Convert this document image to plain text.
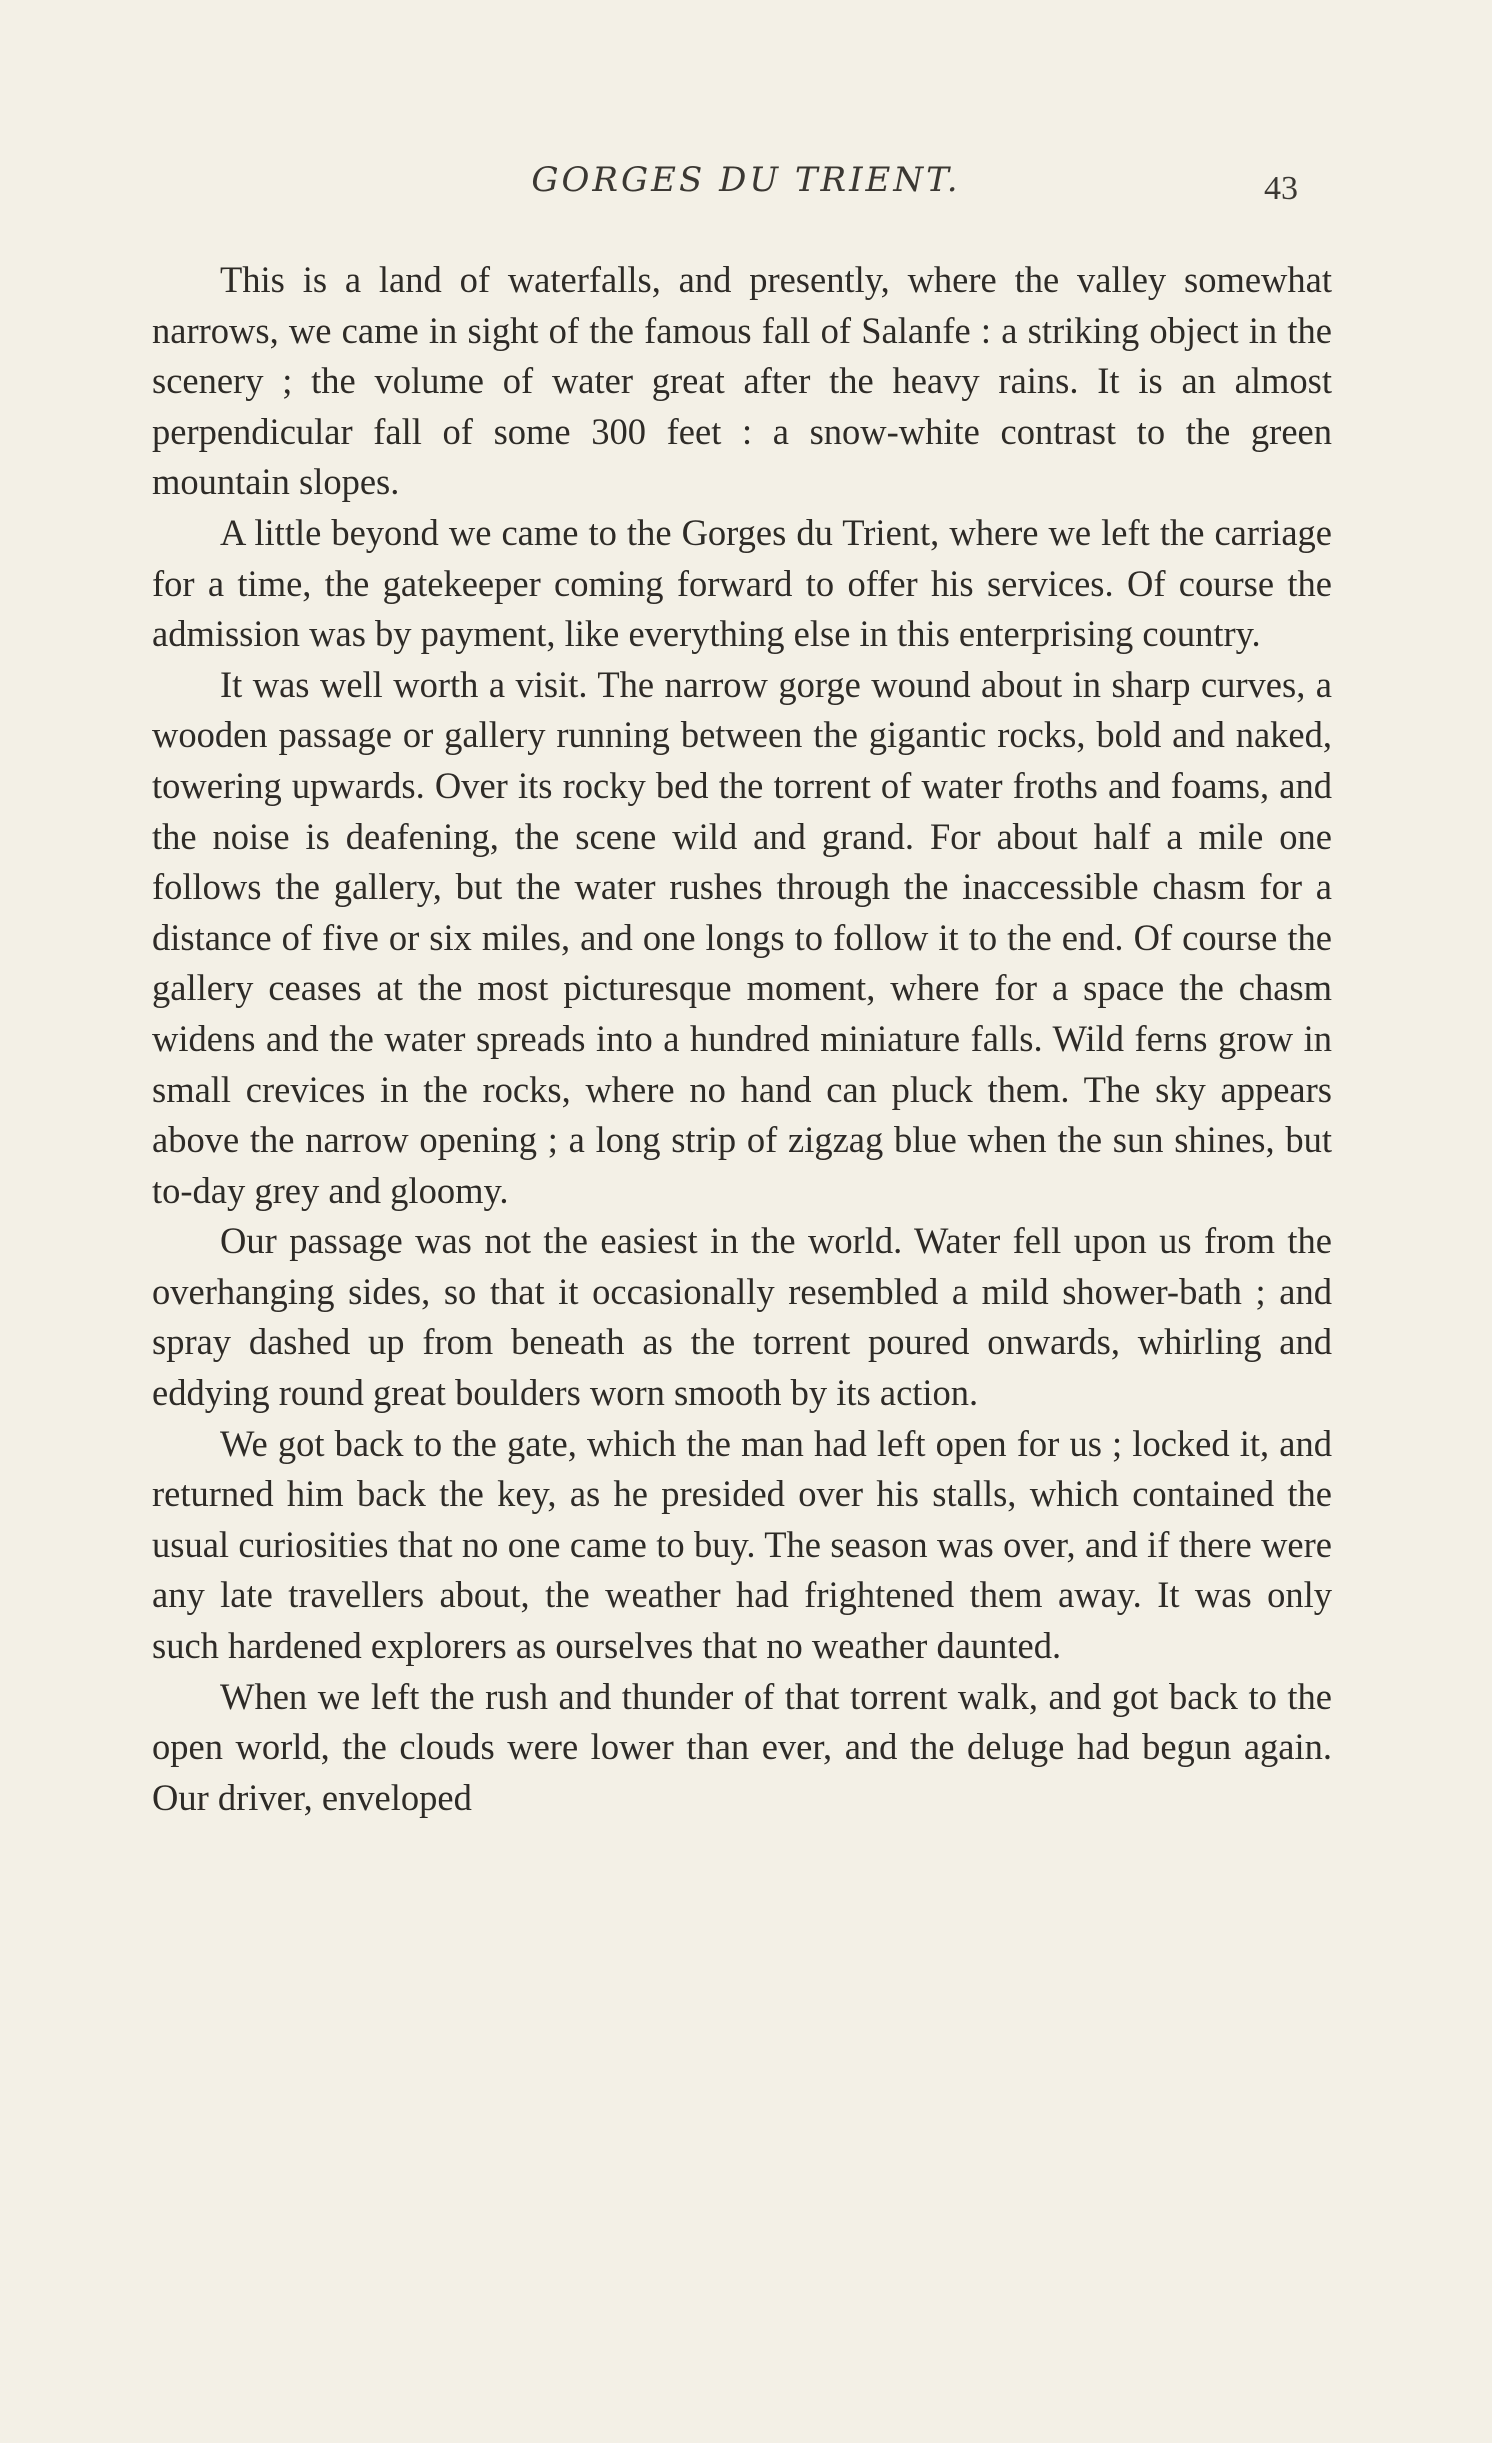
GORGES DU TRIENT.	43

This is a land of waterfalls, and presently, where the valley somewhat narrows, we came in sight of the famous fall of Salanfe : a striking object in the scenery ; the volume of water great after the heavy rains. It is an almost perpendicular fall of some 300 feet : a snow-white contrast to the green mountain slopes.

A little beyond we came to the Gorges du Trient, where we left the carriage for a time, the gatekeeper coming forward to offer his services. Of course the admission was by payment, like everything else in this enterprising country.

It was well worth a visit. The narrow gorge wound about in sharp curves, a wooden passage or gallery running between the gigantic rocks, bold and naked, towering upwards. Over its rocky bed the torrent of water froths and foams, and the noise is deafening, the scene wild and grand. For about half a mile one follows the gallery, but the water rushes through the inaccessible chasm for a distance of five or six miles, and one longs to follow it to the end. Of course the gallery ceases at the most picturesque moment, where for a space the chasm widens and the water spreads into a hundred miniature falls. Wild ferns grow in small crevices in the rocks, where no hand can pluck them. The sky appears above the narrow opening ; a long strip of zigzag blue when the sun shines, but to-day grey and gloomy.

Our passage was not the easiest in the world. Water fell upon us from the overhanging sides, so that it occasionally resembled a mild shower-bath ; and spray dashed up from beneath as the torrent poured onwards, whirling and eddying round great boulders worn smooth by its action.

We got back to the gate, which the man had left open for us ; locked it, and returned him back the key, as he presided over his stalls, which contained the usual curiosities that no one came to buy. The season was over, and if there were any late travellers about, the weather had frightened them away. It was only such hardened explorers as ourselves that no weather daunted.

When we left the rush and thunder of that torrent walk, and got back to the open world, the clouds were lower than ever, and the deluge had begun again. Our driver, enveloped
